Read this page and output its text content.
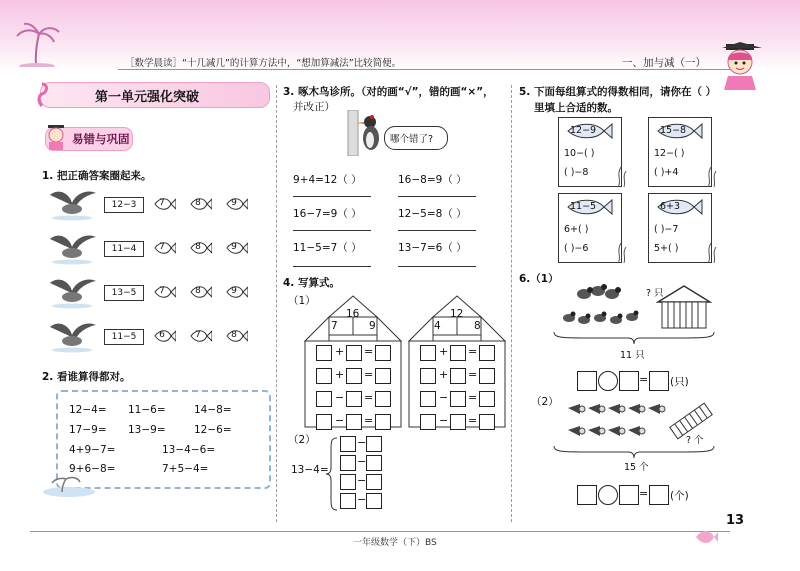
［数学晨读］“十几减几”的计算方法中，“想加算减法”比较简便。	一、加与减（一）
第一单元强化突破
易错与巩固
1. 把正确答案圈起来。
2. 看谁算得都对。
12−4= 11−6=	14−8=
17−9= 13−9=	12−6=
4+9−7=	13−4−6=
9+6−8=	7+5−4=
3. 啄木鸟诊所。（对的画“√”，错的画“×”，
并改正）
哪个错了?
9+4=12（ ）	16−8=9（ ）
16−7=9（ ）	12−5=8（ ）
11−5=7（ ）	13−7=6（ ）
4. 写算式。
（1）
16
7	9
12
4	8
（2）
13−4=
5. 下面每组算式的得数相同，请你在（ ）
里填上合适的数。
6.（1）
? 只
11 只
= (只)
（2）
? 个
15 个
= (个)
一年级数学（下）BS
13
12−3	7	8	9
11−4	7	8	9
13−5	7	8	9
11−5	6	7	8
+ =
+ =
− =
− =
+ =
+ =
− =
− =
−
−
−
−
12−9
10−( )
( )−8
15−8
12−( )
( )+4
11−5
6+( )
( )−6
6+3
( )−7
5+( )
